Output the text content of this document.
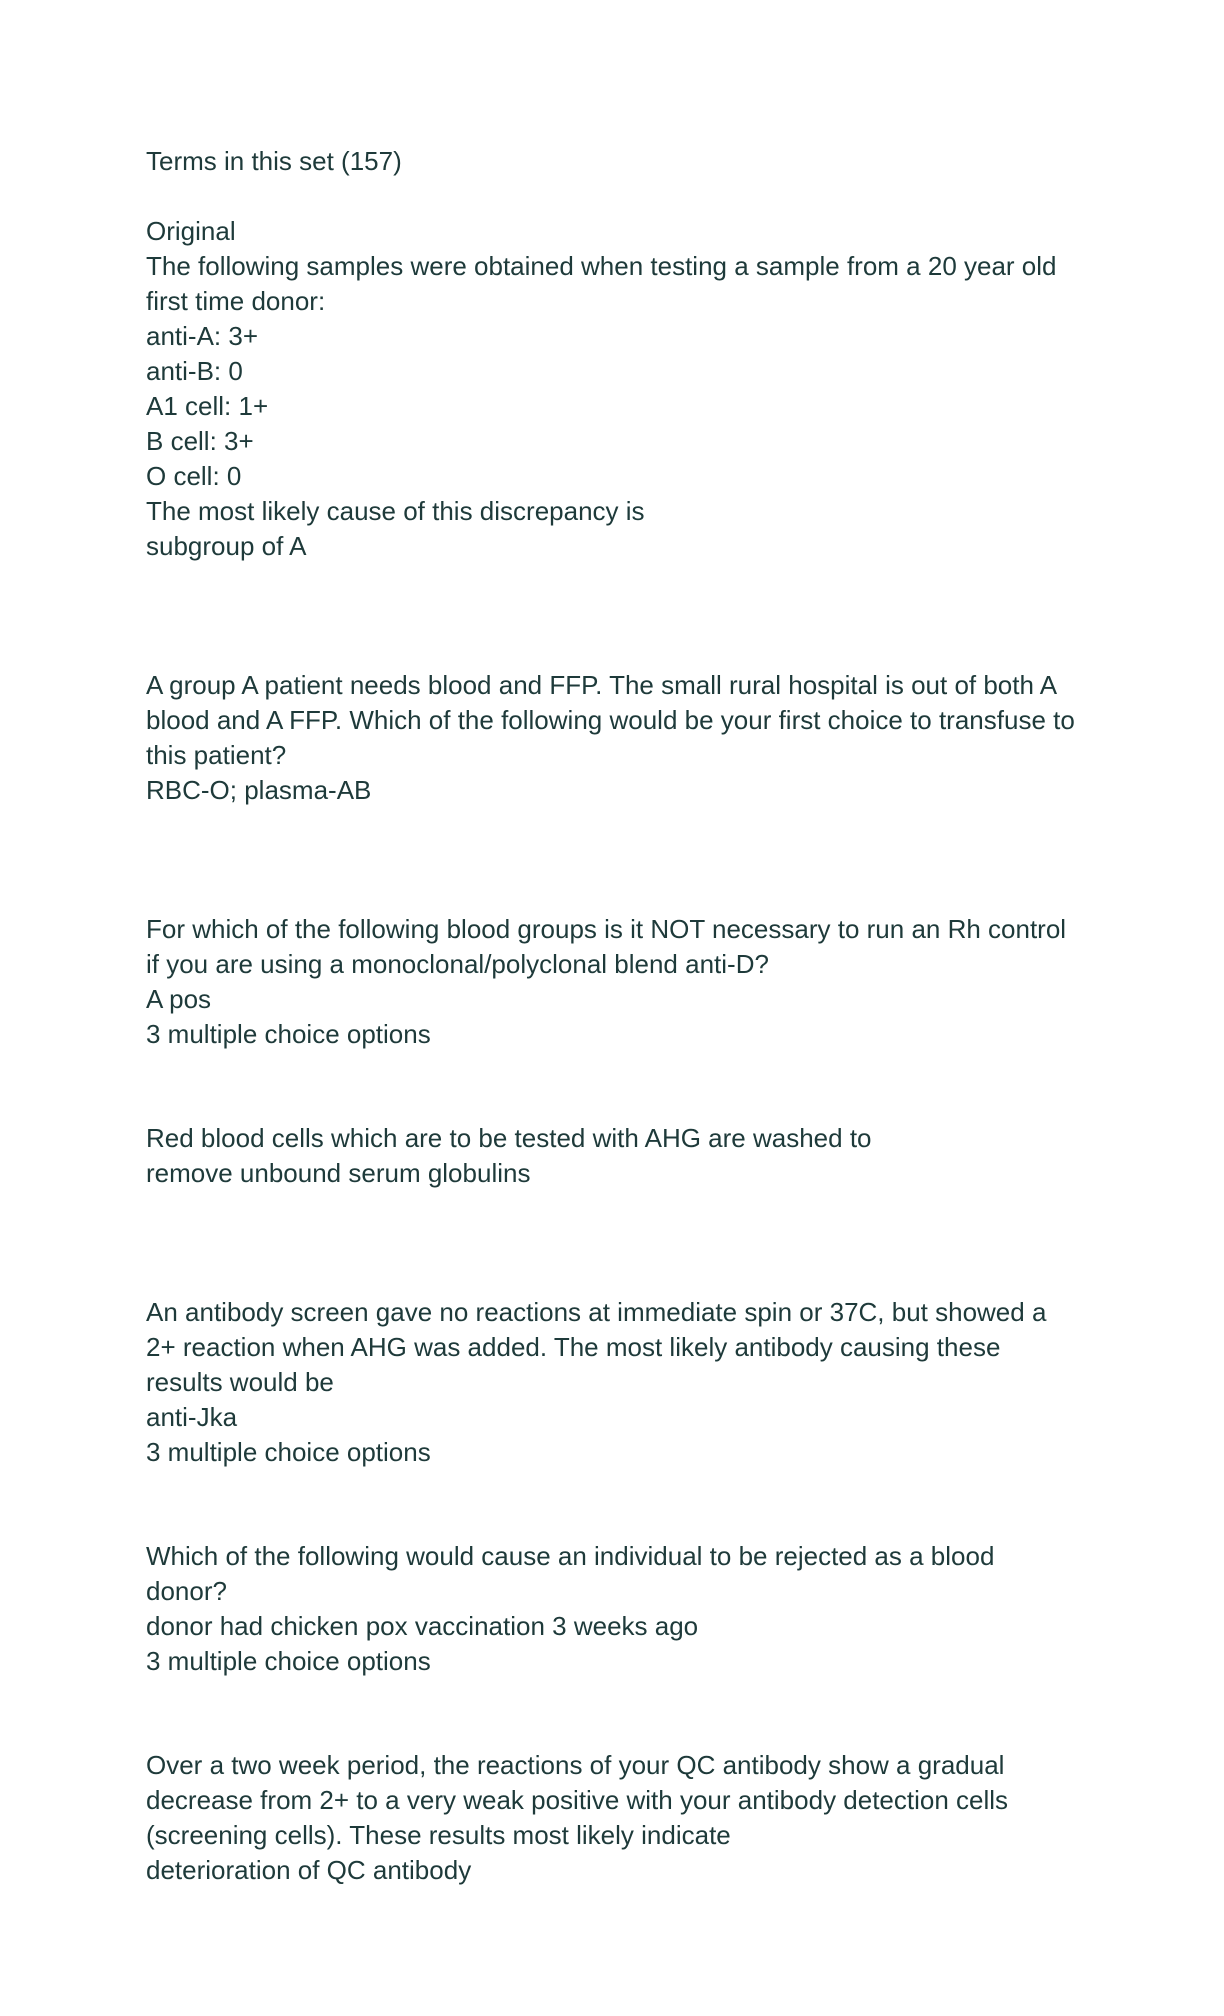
Terms in this set (157)
Original
The following samples were obtained when testing a sample from a 20 year old
first time donor:
anti-A: 3+
anti-B: 0
A1 cell: 1+
B cell: 3+
O cell: 0
The most likely cause of this discrepancy is
subgroup of A
A group A patient needs blood and FFP. The small rural hospital is out of both A
blood and A FFP. Which of the following would be your first choice to transfuse to
this patient?
RBC-O; plasma-AB
For which of the following blood groups is it NOT necessary to run an Rh control
if you are using a monoclonal/polyclonal blend anti-D?
A pos
3 multiple choice options
Red blood cells which are to be tested with AHG are washed to
remove unbound serum globulins
An antibody screen gave no reactions at immediate spin or 37C, but showed a
2+ reaction when AHG was added. The most likely antibody causing these
results would be
anti-Jka
3 multiple choice options
Which of the following would cause an individual to be rejected as a blood
donor?
donor had chicken pox vaccination 3 weeks ago
3 multiple choice options
Over a two week period, the reactions of your QC antibody show a gradual
decrease from 2+ to a very weak positive with your antibody detection cells
(screening cells). These results most likely indicate
deterioration of QC antibody
